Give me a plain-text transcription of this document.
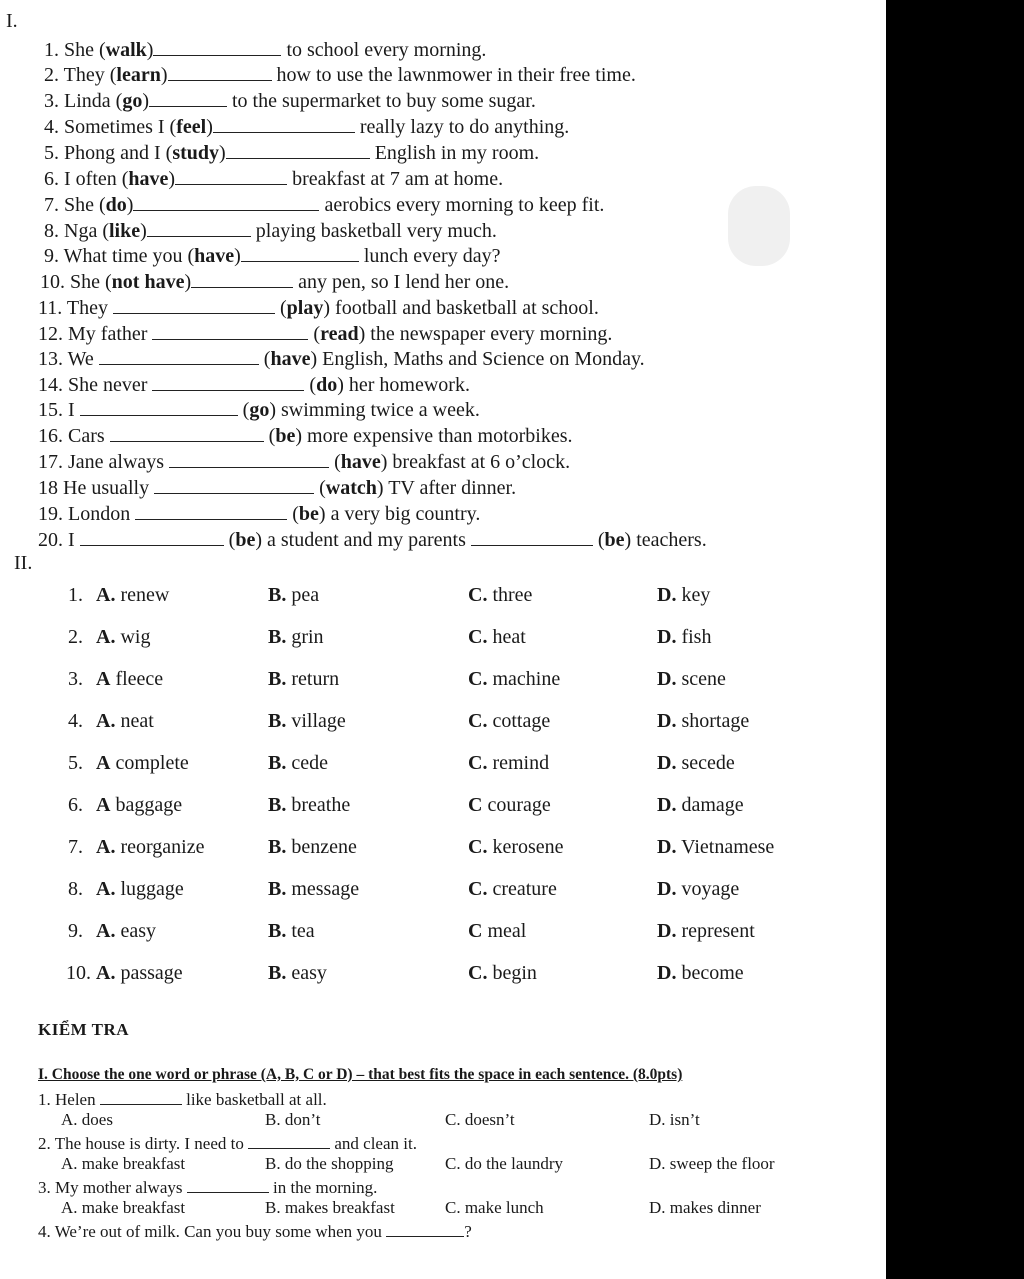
I.
1. She (walk)	to school every morning.
2. They (learn)	how to use the lawnmower in their free time.
3. Linda (go)	to the supermarket to buy some sugar.
4. Sometimes I (feel)	really lazy to do anything.
5. Phong and I (study)	English in my room.
6. I often (have)	breakfast at 7 am at home.
7. She (do)	aerobics every morning to keep fit.
8. Nga (like)	playing basketball very much.
9. What time you (have)	lunch every day?
10. She (not have)	any pen, so I lend her one.
11. They	(play) football and basketball at school.
12. My father	(read) the newspaper every morning.
13. We	(have) English, Maths and Science on Monday.
14. She never	(do) her homework.
15. I	(go) swimming twice a week.
16. Cars	(be) more expensive than motorbikes.
17. Jane always	(have) breakfast at 6 o’clock.
18 He usually	(watch) TV after dinner.
19. London	(be) a very big country.
20. I	(be) a student and my parents	(be) teachers.
II.
1. A. renew	B. pea	C. three	D. key
2. A. wig	B. grin	C. heat	D. fish
3. A fleece	B. return	C. machine	D. scene
4. A. neat	B. village	C. cottage	D. shortage
5. A complete	B. cede	C. remind	D. secede
6. A baggage	B. breathe	C courage	D. damage
7. A. reorganize	B. benzene	C. kerosene	D. Vietnamese
8. A. luggage	B. message	C. creature	D. voyage
9. A. easy	B. tea	C meal	D. represent
10. A. passage	B. easy	C. begin	D. become
KIỂM TRA
I. Choose the one word or phrase (A, B, C or D) – that best fits the space in each sentence. (8.0pts)
1. Helen	like basketball at all.
A. does	B. don’t	C. doesn’t	D. isn’t
2. The house is dirty. I need to	and clean it.
A. make breakfast	B. do the shopping	C. do the laundry	D. sweep the floor
3. My mother always	in the morning.
A. make breakfast	B. makes breakfast	C. make lunch	D. makes dinner
4. We’re out of milk. Can you buy some when you	?
